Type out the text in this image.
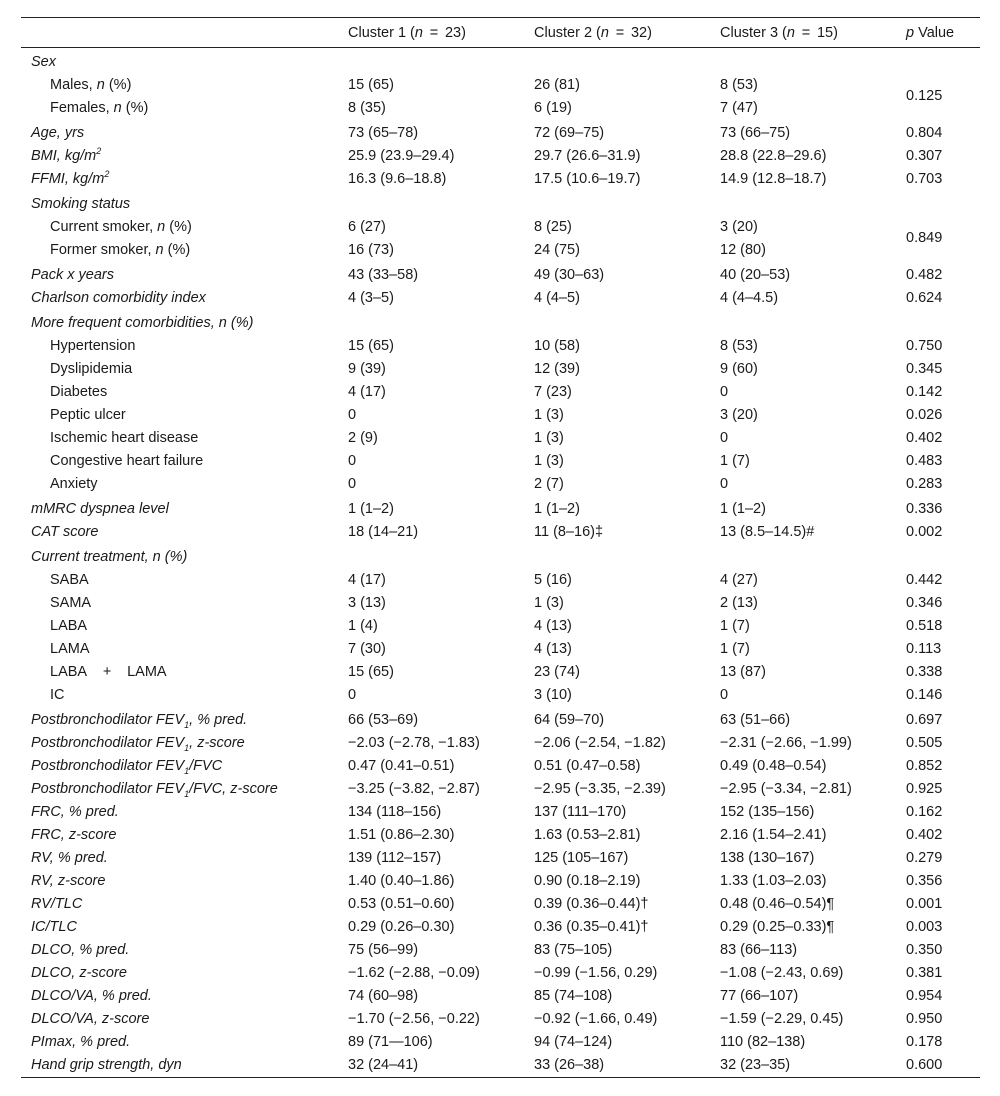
	Cluster 1 (n = 23)	Cluster 2 (n = 32)	Cluster 3 (n = 15)	p Value
Sex				
Males, n (%)	15 (65)	26 (81)	8 (53)	0.125
Females, n (%)	8 (35)	6 (19)	7 (47)	
Age, yrs	73 (65–78)	72 (69–75)	73 (66–75)	0.804
BMI, $kg/m^2$	25.9 (23.9–29.4)	29.7 (26.6–31.9)	28.8 (22.8–29.6)	0.307
FFMI, $kg/m^2$	16.3 (9.6–18.8)	17.5 (10.6–19.7)	14.9 (12.8–18.7)	0.703
Smoking status				
Current smoker, n (%)	6 (27)	8 (25)	3 (20)	0.849
Former smoker, n (%)	16 (73)	24 (75)	12 (80)	
Pack x years	43 (33–58)	49 (30–63)	40 (20–53)	0.482
Charlson comorbidity index	4 (3–5)	4 (4–5)	4 (4–4.5)	0.624
More frequent comorbidities, n (%)				
Hypertension	15 (65)	10 (58)	8 (53)	0.750
Dyslipidemia	9 (39)	12 (39)	9 (60)	0.345
Diabetes	4 (17)	7 (23)	0	0.142
Peptic ulcer	0	1 (3)	3 (20)	0.026
Ischemic heart disease	2 (9)	1 (3)	0	0.402
Congestive heart failure	0	1 (3)	1 (7)	0.483
Anxiety	0	2 (7)	0	0.283
mMRC dyspnea level	1 (1–2)	1 (1–2)	1 (1–2)	0.336
CAT score	18 (14–21)	11 (8–16)‡	13 (8.5–14.5)#	0.002
Current treatment, n (%)				
SABA	4 (17)	5 (16)	4 (27)	0.442
SAMA	3 (13)	1 (3)	2 (13)	0.346
LABA	1 (4)	4 (13)	1 (7)	0.518
LAMA	7 (30)	4 (13)	1 (7)	0.113
LABA + LAMA	15 (65)	23 (74)	13 (87)	0.338
IC	0	3 (10)	0	0.146
Postbronchodilator $FEV_1$, % pred.	66 (53–69)	64 (59–70)	63 (51–66)	0.697
Postbronchodilator $FEV_1$, z-score	−2.03 (−2.78, −1.83)	−2.06 (−2.54, −1.82)	−2.31 (−2.66, −1.99)	0.505
Postbronchodilator $FEV_1$/FVC	0.47 (0.41–0.51)	0.51 (0.47–0.58)	0.49 (0.48–0.54)	0.852
Postbronchodilator $FEV_1$/FVC, z-score	−3.25 (−3.82, −2.87)	−2.95 (−3.35, −2.39)	−2.95 (−3.34, −2.81)	0.925
FRC, % pred.	134 (118–156)	137 (111–170)	152 (135–156)	0.162
FRC, z-score	1.51 (0.86–2.30)	1.63 (0.53–2.81)	2.16 (1.54–2.41)	0.402
RV, % pred.	139 (112–157)	125 (105–167)	138 (130–167)	0.279
RV, z-score	1.40 (0.40–1.86)	0.90 (0.18–2.19)	1.33 (1.03–2.03)	0.356
RV/TLC	0.53 (0.51–0.60)	0.39 (0.36–0.44)†	0.48 (0.46–0.54)¶	0.001
IC/TLC	0.29 (0.26–0.30)	0.36 (0.35–0.41)†	0.29 (0.25–0.33)¶	0.003
DLCO, % pred.	75 (56–99)	83 (75–105)	83 (66–113)	0.350
DLCO, z-score	−1.62 (−2.88, −0.09)	−0.99 (−1.56, 0.29)	−1.08 (−2.43, 0.69)	0.381
DLCO/VA, % pred.	74 (60–98)	85 (74–108)	77 (66–107)	0.954
DLCO/VA, z-score	−1.70 (−2.56, −0.22)	−0.92 (−1.66, 0.49)	−1.59 (−2.29, 0.45)	0.950
PImax, % pred.	89 (71—106)	94 (74–124)	110 (82–138)	0.178
Hand grip strength, dyn	32 (24–41)	33 (26–38)	32 (23–35)	0.600
